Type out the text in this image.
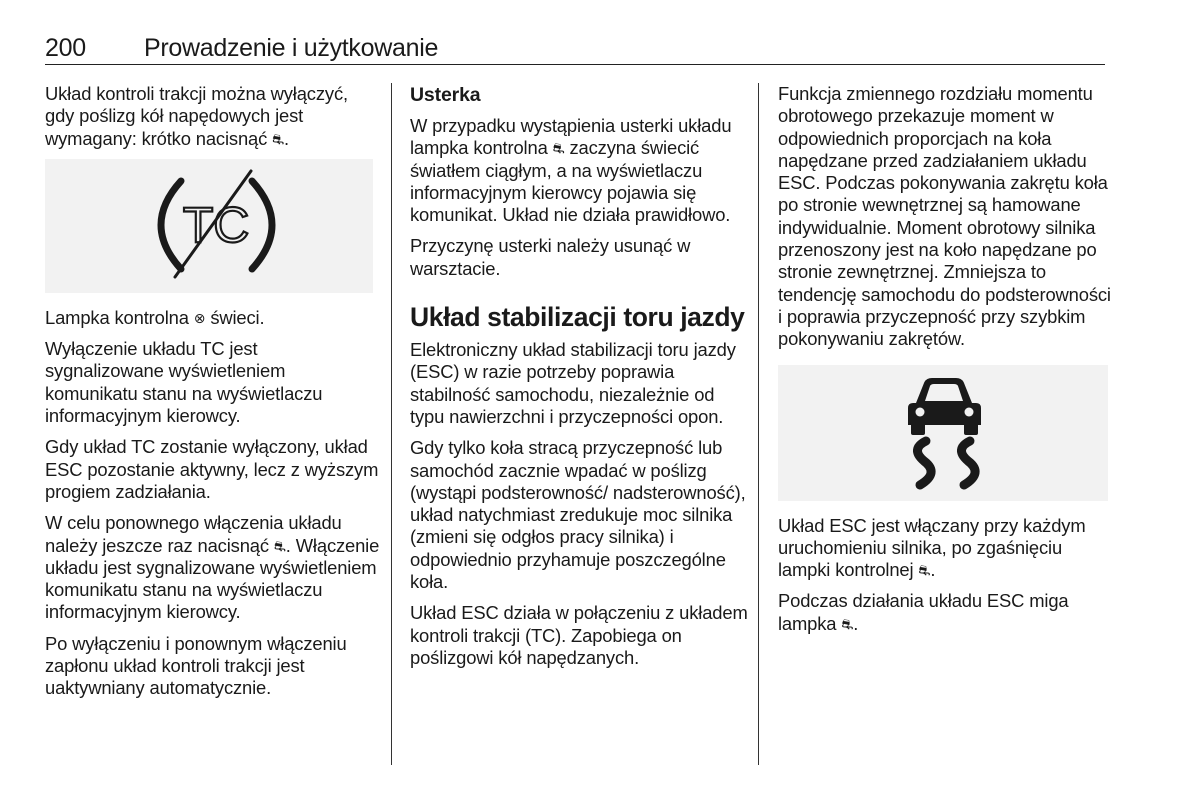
200 Prowadzenie i użytkowanie

Układ kontroli trakcji można wyłączyć, gdy poślizg kół napędowych jest wymagany: krótko nacisnąć ⛐.

TC

Lampka kontrolna ⊗ świeci.

Wyłączenie układu TC jest sygnalizowane wyświetleniem komunikatu stanu na wyświetlaczu informacyjnym kierowcy.

Gdy układ TC zostanie wyłączony, układ ESC pozostanie aktywny, lecz z wyższym progiem zadziałania.

W celu ponownego włączenia układu należy jeszcze raz nacisnąć ⛐. Włączenie układu jest sygnalizowane wyświetleniem komunikatu stanu na wyświetlaczu informacyjnym kierowcy.

Po wyłączeniu i ponownym włączeniu zapłonu układ kontroli trakcji jest uaktywniany automatycznie.

Usterka

W przypadku wystąpienia usterki układu lampka kontrolna ⛐ zaczyna świecić światłem ciągłym, a na wyświetlaczu informacyjnym kierowcy pojawia się komunikat. Układ nie działa prawidłowo.

Przyczynę usterki należy usunąć w warsztacie.

Układ stabilizacji toru jazdy

Elektroniczny układ stabilizacji toru jazdy (ESC) w razie potrzeby poprawia stabilność samochodu, niezależnie od typu nawierzchni i przyczepności opon.

Gdy tylko koła stracą przyczepność lub samochód zacznie wpadać w poślizg (wystąpi podsterowność/ nadsterowność), układ natychmiast zredukuje moc silnika (zmieni się odgłos pracy silnika) i odpowiednio przyhamuje poszczególne koła.

Układ ESC działa w połączeniu z układem kontroli trakcji (TC). Zapobiega on poślizgowi kół napędzanych.

Funkcja zmiennego rozdziału momentu obrotowego przekazuje moment w odpowiednich proporcjach na koła napędzane przed zadziałaniem układu ESC. Podczas pokonywania zakrętu koła po stronie wewnętrznej są hamowane indywidualnie. Moment obrotowy silnika przenoszony jest na koło napędzane po stronie zewnętrznej. Zmniejsza to tendencję samochodu do podsterowności i poprawia przyczepność przy szybkim pokonywaniu zakrętów.

Układ ESC jest włączany przy każdym uruchomieniu silnika, po zgaśnięciu lampki kontrolnej ⛐.

Podczas działania układu ESC miga lampka ⛐.
